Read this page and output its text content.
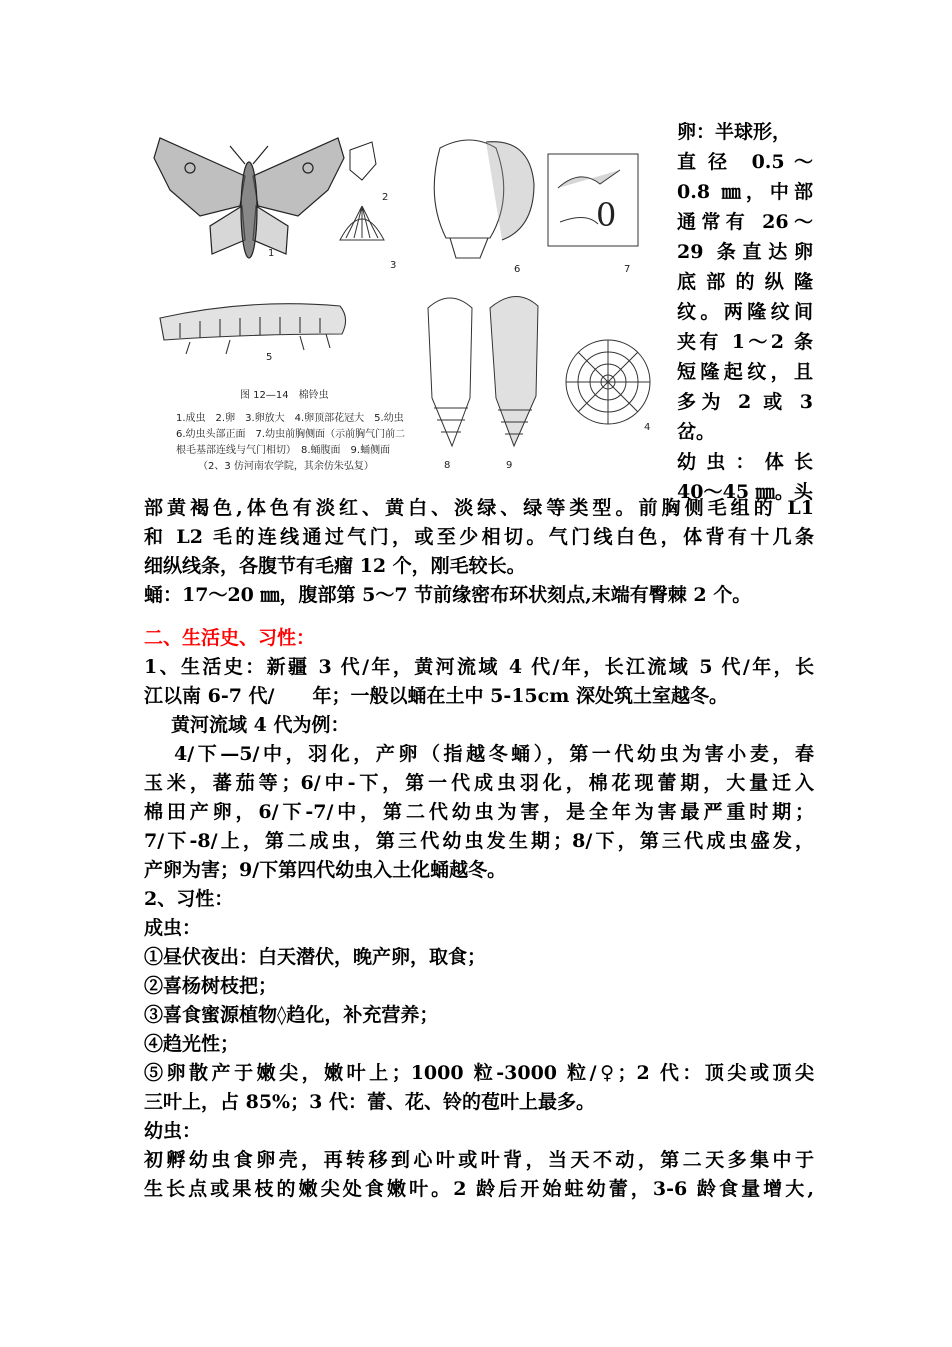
1
2
3
5
图 12—14　棉铃虫
1.成虫　2.卵　3.卵放大　4.卵顶部花冠大　5.幼虫
6.幼虫头部正面　7.幼虫前胸侧面（示前胸气门前二
根毛基部连线与气门相切）　8.蛹腹面　9.蛹侧面
（2、3 仿河南农学院，其余仿朱弘复）
6
0
7
8	9
4
卵：半球形，
直 径　0.5 ～
0.8 ㎜，中部
通常有 26～
29 条直达卵
底部的纵隆
纹。两隆纹间
夹有 1～2 条
短隆起纹，且
多为 2 或 3
岔。
幼虫：体长
40～45 ㎜。头
部黄褐色,体色有淡红、黄白、淡绿、绿等类型。前胸侧毛组的 L1
和 L2 毛的连线通过气门，或至少相切。气门线白色，体背有十几条
细纵线条，各腹节有毛瘤 12 个，刚毛较长。
蛹：17～20 ㎜，腹部第 5～7 节前缘密布环状刻点,末端有臀棘 2 个。
二、生活史、习性：
1、生活史：新疆 3 代/年，黄河流域 4 代/年，长江流域 5 代/年，长
江以南 6-7 代/　　年；一般以蛹在土中 5-15cm 深处筑土室越冬。
黄河流域 4 代为例：
4/下—5/中，羽化，产卵（指越冬蛹），第一代幼虫为害小麦，春
玉米，蕃茄等；6/中-下，第一代成虫羽化，棉花现蕾期，大量迁入
棉田产卵，6/下-7/中，第二代幼虫为害，是全年为害最严重时期；
7/下-8/上，第二成虫，第三代幼虫发生期；8/下，第三代成虫盛发，
产卵为害；9/下第四代幼虫入土化蛹越冬。
2、习性：
成虫：
①昼伏夜出：白天潜伏，晚产卵，取食；
②喜杨树枝把；
③喜食蜜源植物◊趋化，补充营养；
④趋光性；
⑤卵散产于嫩尖，嫩叶上；1000 粒-3000 粒/♀；2 代：顶尖或顶尖
三叶上，占 85%；3 代：蕾、花、铃的苞叶上最多。
幼虫：
初孵幼虫食卵壳，再转移到心叶或叶背，当天不动，第二天多集中于
生长点或果枝的嫩尖处食嫩叶。2 龄后开始蛀幼蕾，3-6 龄食量增大,
